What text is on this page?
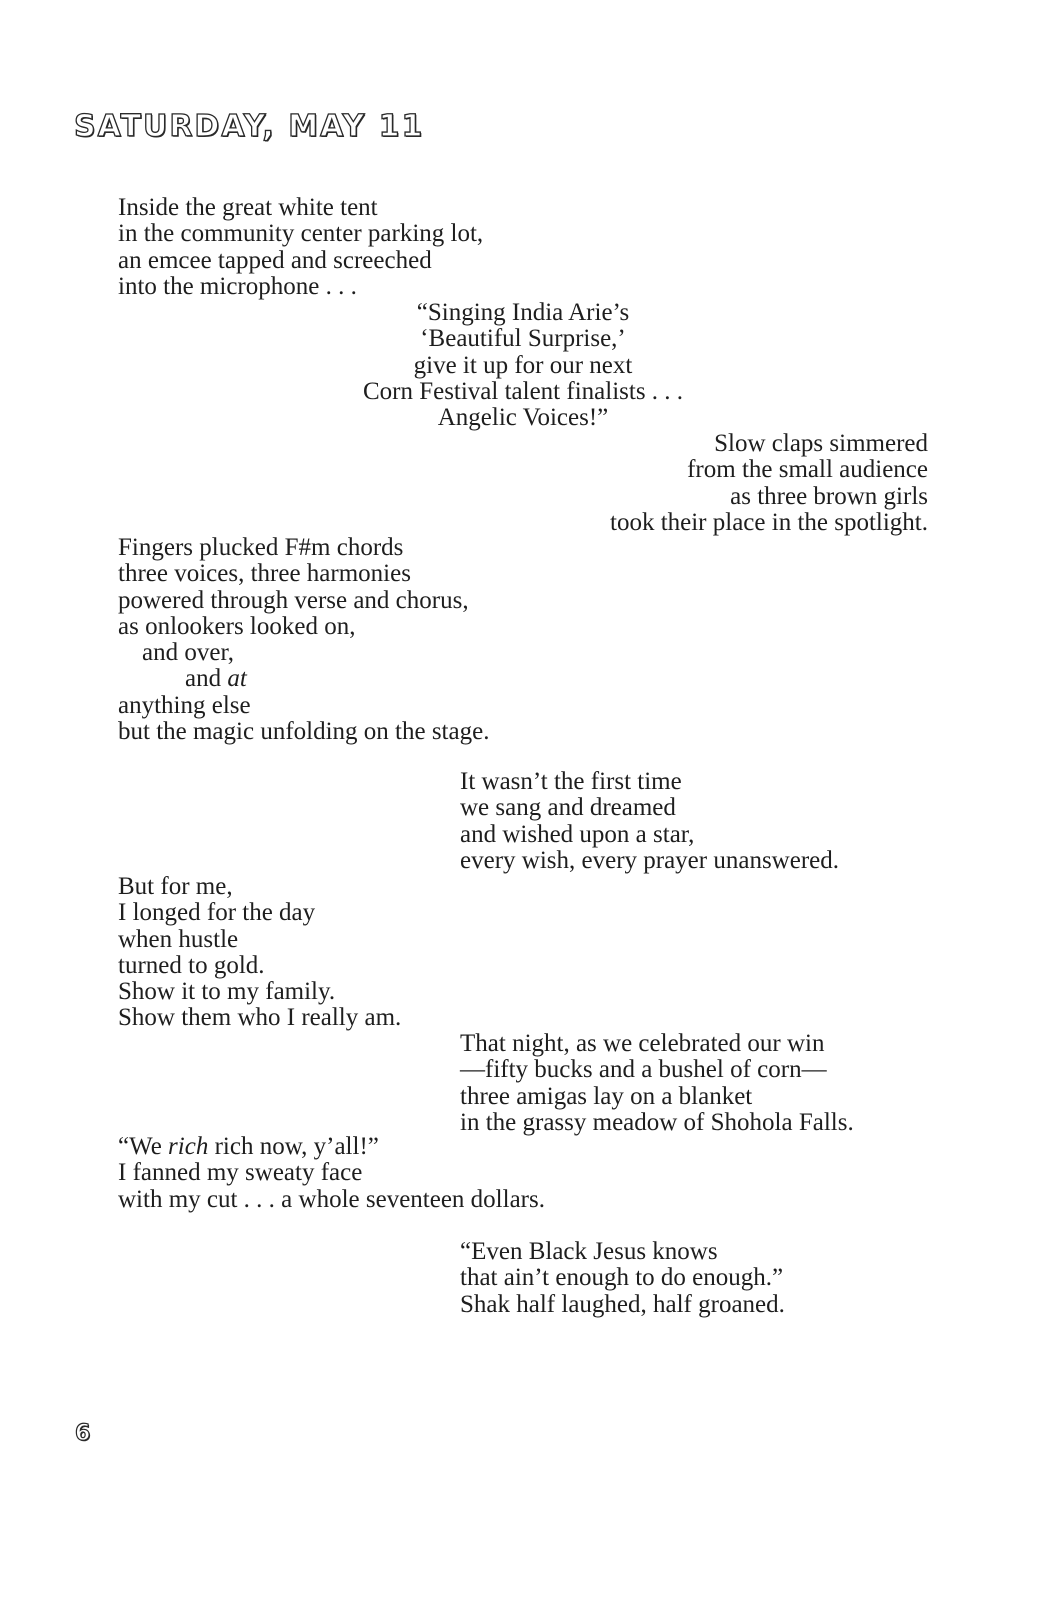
SATURDAY, MAY 11
Inside the great white tent
in the community center parking lot,
an emcee tapped and screeched
into the microphone . . .
“Singing India Arie’s
‘Beautiful Surprise,’
give it up for our next
Corn Festival talent finalists . . .
Angelic Voices!”
Slow claps simmered
from the small audience
as three brown girls
took their place in the spotlight.
Fingers plucked F#m chords
three voices, three harmonies
powered through verse and chorus,
as onlookers looked on,
and over,
and at
anything else
but the magic unfolding on the stage.
It wasn’t the first time
we sang and dreamed
and wished upon a star,
every wish, every prayer unanswered.
But for me,
I longed for the day
when hustle
turned to gold.
Show it to my family.
Show them who I really am.
That night, as we celebrated our win
—fifty bucks and a bushel of corn—
three amigas lay on a blanket
in the grassy meadow of Shohola Falls.
“We rich rich now, y’all!”
I fanned my sweaty face
with my cut . . . a whole seventeen dollars.
“Even Black Jesus knows
that ain’t enough to do enough.”
Shak half laughed, half groaned.
6
